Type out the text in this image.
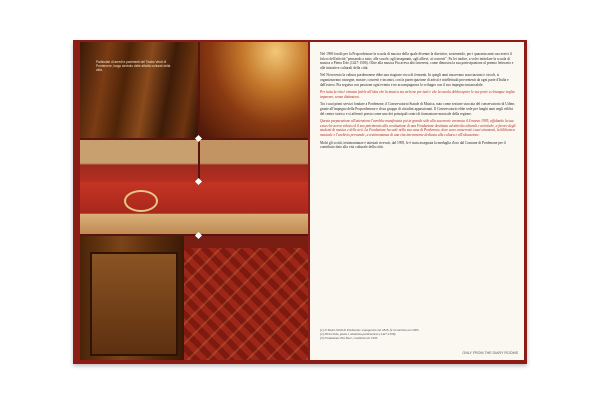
Particolari di arredi e pavimenti del Teatro Verdi di Pordenone, luogo simbolo delle attività culturali della città.

Nel 1969 fondò per la Propordenone la scuola di musica della quale divenne la direttrice, sostenendo, per i quaranta anni successivi il fulcro dell'attività "pensando a tutto, alle scuole, agli insegnanti, agli allievi, ai concerti". Fu lei inoltre, a voler intitolare la scuola di musica a Pietro Edo (1427-1506). Oltre alla musica Pia aveva altri interessi, come dimostra la sua partecipazione al premio letterario e alle iniziative culturali della città.

Nel Novecento la cultura pordenonese ebbe una stagione ricca di fermenti. In quegli anni nascevano associazioni e circoli, si organizzavano rassegne, mostre, concerti e incontri, con la partecipazione di artisti e intellettuali provenienti da ogni parte d'Italia e dall'estero. Pia seguiva con passione ogni evento e ne accompagnava lo sviluppo con il suo impegno instancabile.

Per tutta la vita è rimasta fedele all'idea che la musica sia un bene per tutti e che la scuola debba aprire le sue porte a chiunque voglia imparare, senza distinzioni.

Tra i suoi primi servizi fondare a Pordenone, il Conservatorio Statale di Musica, nato come sezione staccata del conservatorio di Udine, grazie all'impegno della Propordenone e di un gruppo di cittadini appassionati. Il Conservatorio ebbe sede per lunghi anni negli edifici del centro storico e si affermò presto come uno dei principali centri di formazione musicale della regione.

Questa preparazione all'attenzione l'avrebbe manifestata poi in grande stile alla sua morte avvenuta il 4 marzo 1995, affidando la sua casa che aveva voluto ed il suo patrimonio alla costituzione di una Fondazione destinata ad attività culturali e artistiche, a favore degli studenti di musica e delle arti. La Fondazione ha sede nella sua casa di Pordenone, dove sono conservati i suoi strumenti, la biblioteca musicale e l'archivio personale, a testimonianza di una vita interamente dedicata alla cultura e all'educazione.

Molti gli scritti, testimonianze e attestati ricevuti, dal 1995, le è stata assegnata la medaglia d'oro dal Comune di Pordenone per il contributo dato alla vita culturale della città.

(1) Il Teatro Verdi di Pordenone, inaugurato nel 1826, fu ricostruito nel 2005.
(2) Pietro Edo, poeta e umanista pordenonese (1427-1506).
(3) Fondazione Pia Pace, costituita nel 1995.
ONLY FROM THE DIARY ROOMS
